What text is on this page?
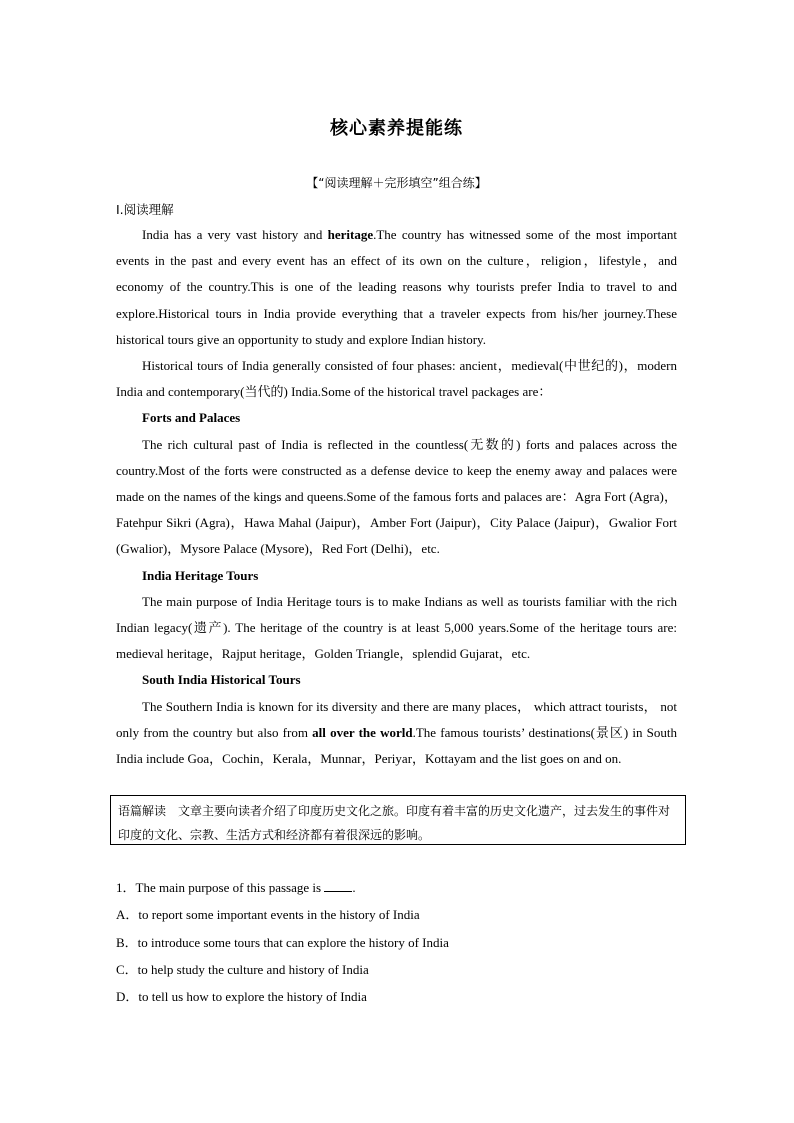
核心素养提能练
【“阅读理解＋完形填空”组合练】
Ⅰ.阅读理解

India has a very vast history and heritage.The country has witnessed some of the most important events in the past and every event has an effect of its own on the culture，religion，lifestyle，and economy of the country.This is one of the leading reasons why tourists prefer India to travel to and explore.Historical tours in India provide everything that a traveler expects from his/her journey.These historical tours give an opportunity to study and explore Indian history.

Historical tours of India generally consisted of four phases: ancient，medieval(中世纪的)，modern India and contemporary(当代的) India.Some of the historical travel packages are：

Forts and Palaces

The rich cultural past of India is reflected in the countless(无数的) forts and palaces across the country.Most of the forts were constructed as a defense device to keep the enemy away and palaces were made on the names of the kings and queens.Some of the famous forts and palaces are：Agra Fort (Agra)，Fatehpur Sikri (Agra)，Hawa Mahal (Jaipur)，Amber Fort (Jaipur)，City Palace (Jaipur)，Gwalior Fort (Gwalior)，Mysore Palace (Mysore)，Red Fort (Delhi)，etc.

India Heritage Tours

The main purpose of India Heritage tours is to make Indians as well as tourists familiar with the rich Indian legacy(遗产). The heritage of the country is at least 5,000 years.Some of the heritage tours are: medieval heritage，Rajput heritage，Golden Triangle，splendid Gujarat，etc.

South India Historical Tours

The Southern India is known for its diversity and there are many places， which attract tourists， not only from the country but also from all over the world.The famous tourists’ destinations(景区) in South India include Goa，Cochin，Kerala，Munnar，Periyar，Kottayam and the list goes on and on.

语篇解读 文章主要向读者介绍了印度历史文化之旅。印度有着丰富的历史文化遗产，过去发生的事件对印度的文化、宗教、生活方式和经济都有着很深远的影响。
1．The main purpose of this passage is .
A．to report some important events in the history of India
B．to introduce some tours that can explore the history of India
C．to help study the culture and history of India
D．to tell us how to explore the history of India
